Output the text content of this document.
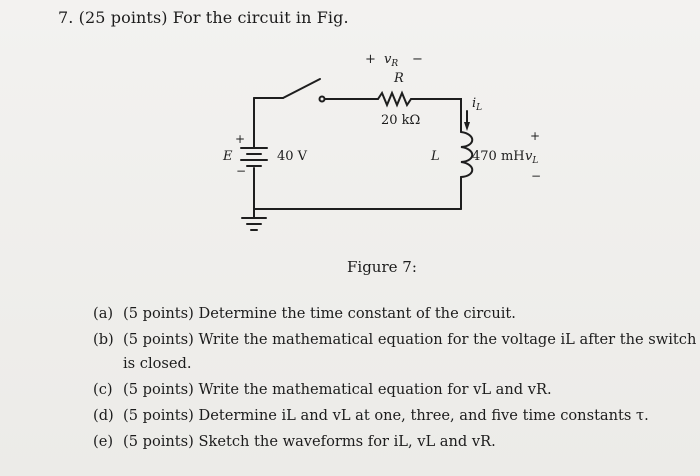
7. (25 points) For the circuit in Fig.
+ $v_R$ −
R
20 kΩ
$i_L$
E
+
−
40 V	L 470 mH
+
$v_L$
−
Figure 7:
(a) (5 points) Determine the time constant of the circuit.
(b) (5 points) Write the mathematical equation for the voltage iL after the switch is closed.
(c) (5 points) Write the mathematical equation for vL and vR.
(d) (5 points) Determine iL and vL at one, three, and five time constants τ.
(e) (5 points) Sketch the waveforms for iL, vL and vR.
